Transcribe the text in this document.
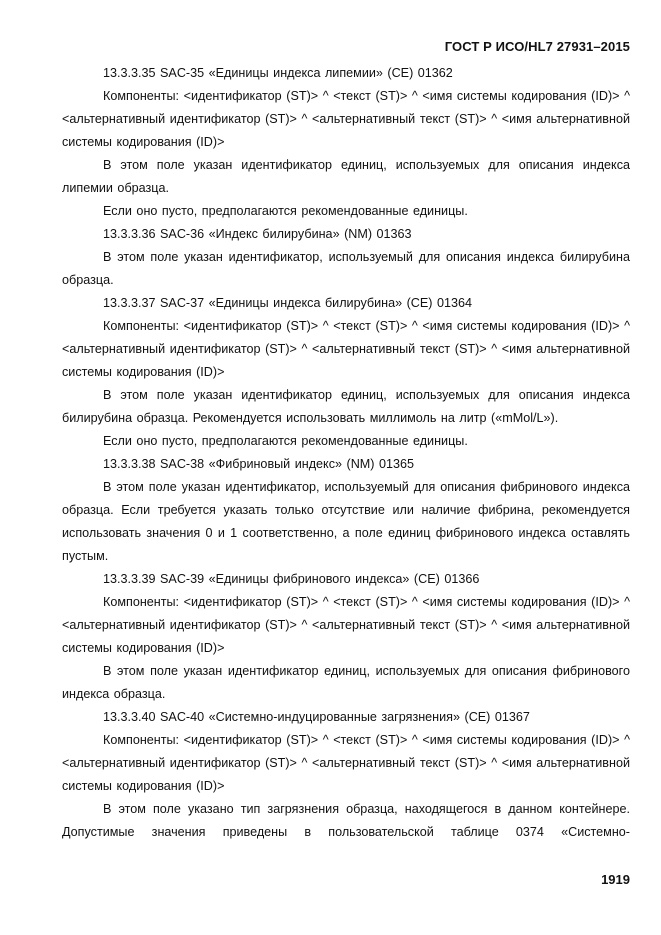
ГОСТ Р ИСО/HL7 27931–2015

13.3.3.35 SAC-35 «Единицы индекса липемии» (CE) 01362

Компоненты: <идентификатор (ST)> ^ <текст (ST)> ^ <имя системы кодирования (ID)> ^ <альтернативный идентификатор (ST)> ^ <альтернативный текст (ST)> ^ <имя альтернативной системы кодирования (ID)>

В этом поле указан идентификатор единиц, используемых для описания индекса липемии образца.

Если оно пусто, предполагаются рекомендованные единицы.

13.3.3.36 SAC-36 «Индекс билирубина» (NM) 01363

В этом поле указан идентификатор, используемый для описания индекса билирубина образца.

13.3.3.37 SAC-37 «Единицы индекса билирубина» (CE) 01364

Компоненты: <идентификатор (ST)> ^ <текст (ST)> ^ <имя системы кодирования (ID)> ^ <альтернативный идентификатор (ST)> ^ <альтернативный текст (ST)> ^ <имя альтернативной системы кодирования (ID)>

В этом поле указан идентификатор единиц, используемых для описания индекса билирубина образца. Рекомендуется использовать миллимоль на литр («mMol/L»).

Если оно пусто, предполагаются рекомендованные единицы.

13.3.3.38 SAC-38 «Фибриновый индекс» (NM) 01365

В этом поле указан идентификатор, используемый для описания фибринового индекса образца. Если требуется указать только отсутствие или наличие фибрина, рекомендуется использовать значения 0 и 1 соответственно, а поле единиц фибринового индекса оставлять пустым.

13.3.3.39 SAC-39 «Единицы фибринового индекса» (CE) 01366

Компоненты: <идентификатор (ST)> ^ <текст (ST)> ^ <имя системы кодирования (ID)> ^ <альтернативный идентификатор (ST)> ^ <альтернативный текст (ST)> ^ <имя альтернативной системы кодирования (ID)>

В этом поле указан идентификатор единиц, используемых для описания фибринового индекса образца.

13.3.3.40 SAC-40 «Системно-индуцированные загрязнения» (CE) 01367

Компоненты: <идентификатор (ST)> ^ <текст (ST)> ^ <имя системы кодирования (ID)> ^ <альтернативный идентификатор (ST)> ^ <альтернативный текст (ST)> ^ <имя альтернативной системы кодирования (ID)>

В этом поле указано тип загрязнения образца, находящегося в данном контейнере. Допустимые значения приведены в пользовательской таблице 0374 «Системно-

1919
